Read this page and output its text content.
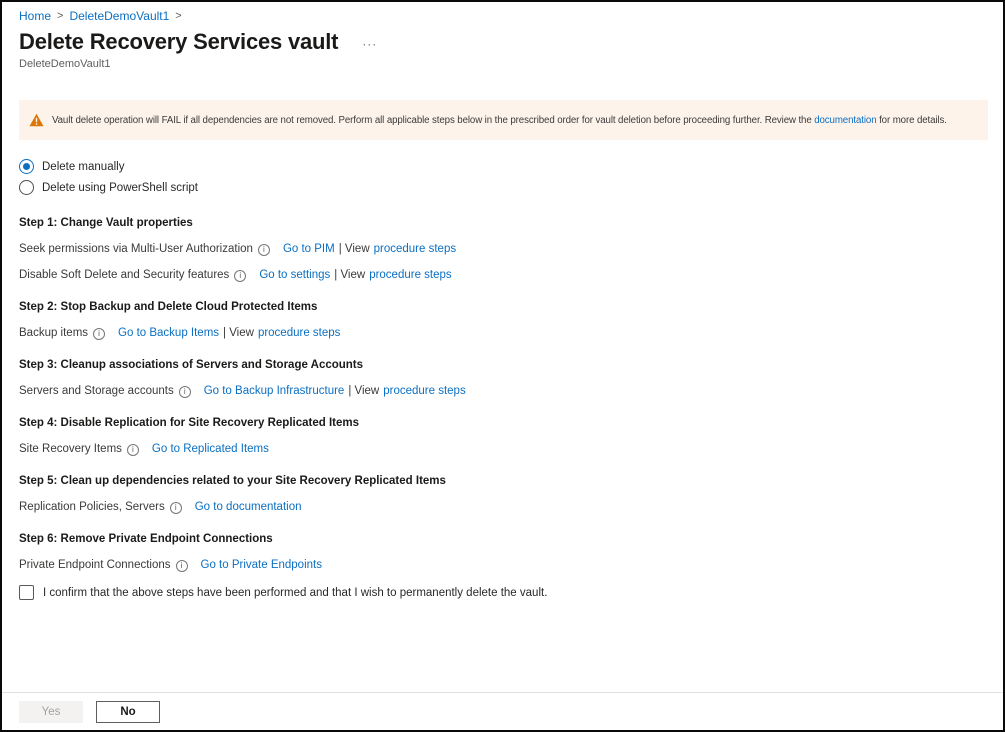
Home > DeleteDemoVault1 >
Delete Recovery Services vault ···
DeleteDemoVault1
Vault delete operation will FAIL if all dependencies are not removed. Perform all applicable steps below in the prescribed order for vault deletion before proceeding further. Review the documentation for more details.
Delete manually
Delete using PowerShell script
Step 1: Change Vault properties
Seek permissions via Multi-User Authorization i	Go to PIM | View procedure steps
Disable Soft Delete and Security features i	Go to settings | View procedure steps
Step 2: Stop Backup and Delete Cloud Protected Items
Backup items i	Go to Backup Items | View procedure steps
Step 3: Cleanup associations of Servers and Storage Accounts
Servers and Storage accounts i	Go to Backup Infrastructure | View procedure steps
Step 4: Disable Replication for Site Recovery Replicated Items
Site Recovery Items i	Go to Replicated Items
Step 5: Clean up dependencies related to your Site Recovery Replicated Items
Replication Policies, Servers i	Go to documentation
Step 6: Remove Private Endpoint Connections
Private Endpoint Connections i	Go to Private Endpoints
I confirm that the above steps have been performed and that I wish to permanently delete the vault.
Yes	No
